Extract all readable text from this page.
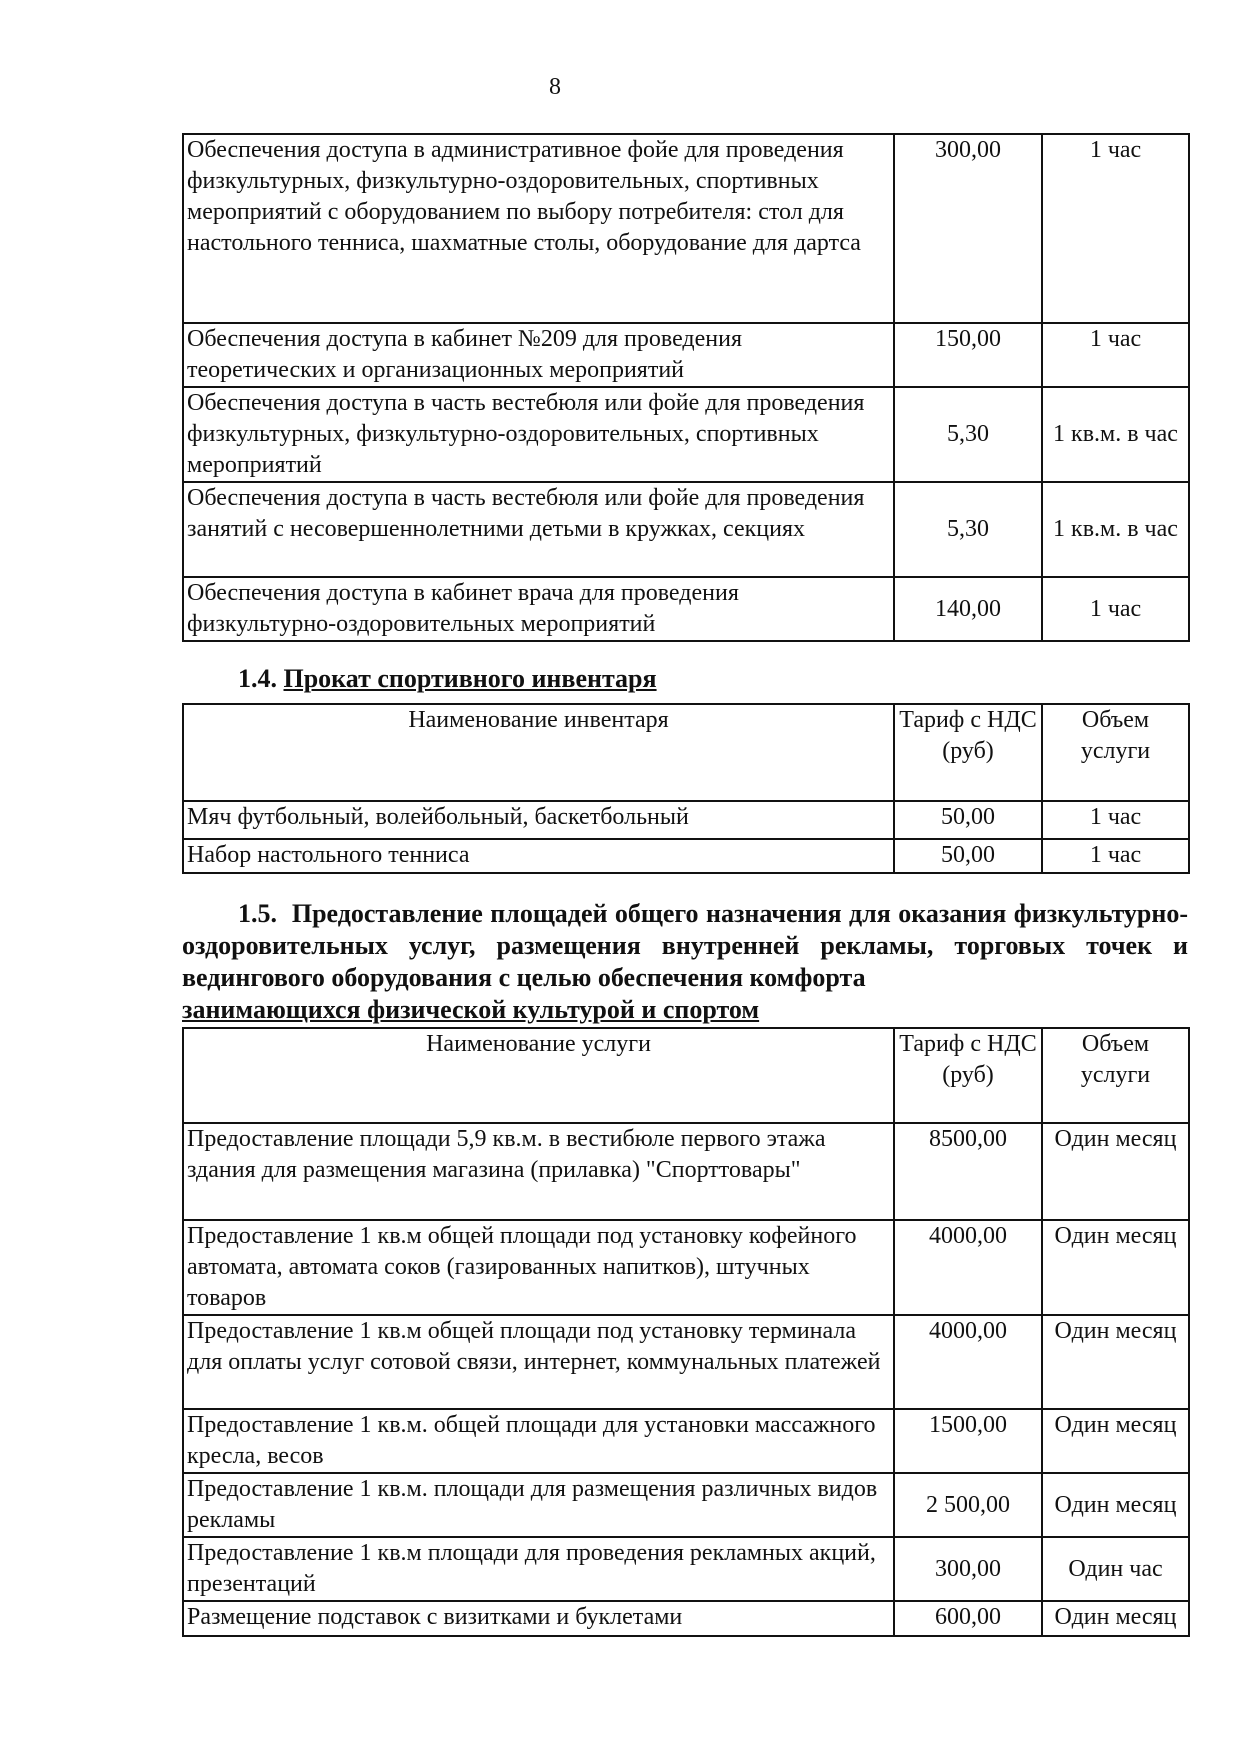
8
Обеспечения доступа в административное фойе для проведения физкультурных, физкультурно-оздоровительных, спортивных мероприятий с оборудованием по выбору потребителя: стол для настольного тенниса, шахматные столы, оборудование для дартса	300,00	1 час
Обеспечения доступа в кабинет №209 для проведения теоретических и организационных мероприятий	150,00	1 час
Обеспечения доступа в часть вестебюля или фойе для проведения физкультурных, физкультурно-оздоровительных, спортивных мероприятий	5,30	1 кв.м. в час
Обеспечения доступа в часть вестебюля или фойе для проведения занятий с несовершеннолетними детьми в кружках, секциях	5,30	1 кв.м. в час
Обеспечения доступа в кабинет врача для проведения физкультурно-оздоровительных мероприятий	140,00	1 час
1.4. Прокат спортивного инвентаря
Наименование инвентаря	Тариф с НДС (руб)	Объем услуги
Мяч футбольный, волейбольный, баскетбольный	50,00	1 час
Набор настольного тенниса	50,00	1 час
1.5. Предоставление площадей общего назначения для оказания физкультурно-оздоровительных услуг, размещения внутренней рекламы, торговых точек и ведингового оборудования с целью обеспечения комфорта
занимающихся физической культурой и спортом
Наименование услуги	Тариф с НДС (руб)	Объем услуги
Предоставление площади 5,9 кв.м. в вестибюле первого этажа здания для размещения магазина (прилавка) "Спорттовары"	8500,00	Один месяц
Предоставление 1 кв.м общей площади под установку кофейного автомата, автомата соков (газированных напитков), штучных товаров	4000,00	Один месяц
Предоставление 1 кв.м общей площади под установку терминала для оплаты услуг сотовой связи, интернет, коммунальных платежей	4000,00	Один месяц
Предоставление 1 кв.м. общей площади для установки массажного кресла, весов	1500,00	Один месяц
Предоставление 1 кв.м. площади для размещения различных видов рекламы	2 500,00	Один месяц
Предоставление 1 кв.м площади для проведения рекламных акций, презентаций	300,00	Один час
Размещение подставок с визитками и буклетами	600,00	Один месяц
